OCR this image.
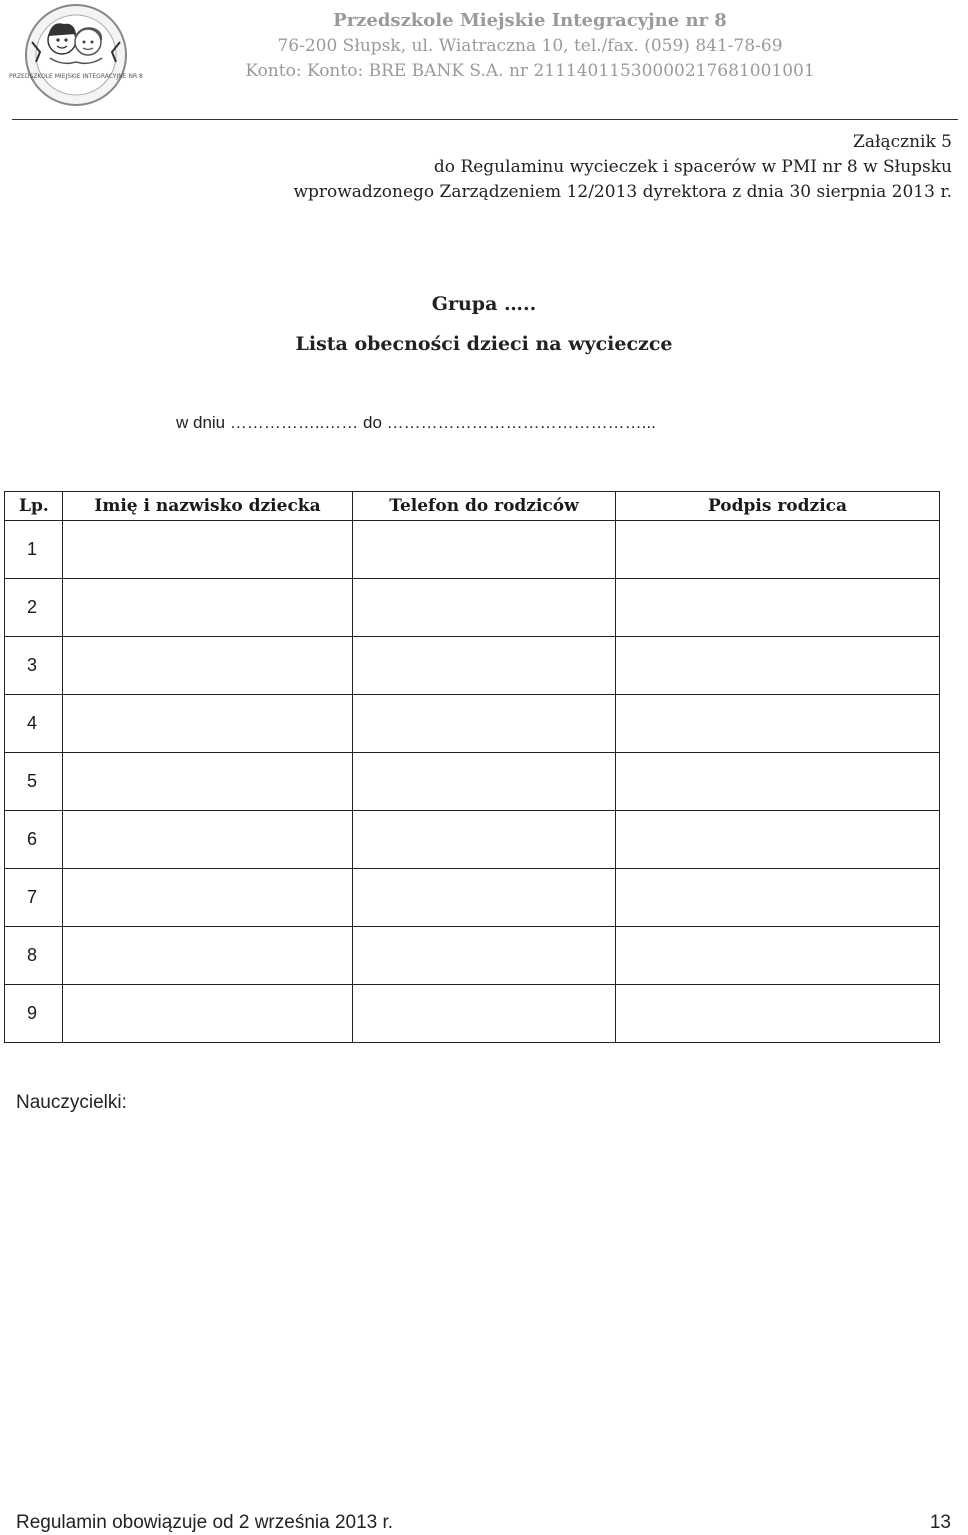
PRZEDSZKOLE MIEJSKIE INTEGRACYJNE NR 8
Przedszkole Miejskie Integracyjne nr 8
76-200 Słupsk, ul. Wiatraczna 10, tel./fax. (059) 841-78-69
Konto: Konto: BRE BANK S.A. nr 21114011530000217681001001
Załącznik 5
do Regulaminu wycieczek i spacerów w PMI nr 8 w Słupsku
wprowadzonego Zarządzeniem 12/2013 dyrektora z dnia 30 sierpnia 2013 r.
Grupa …..
Lista obecności dzieci na wycieczce
w dniu ……………..…… do ………………………………………...
Lp.	Imię i nazwisko dziecka	Telefon do rodziców	Podpis rodzica
1			
2			
3			
4			
5			
6			
7			
8			
9			
Nauczycielki:
Regulamin obowiązuje od 2 września 2013 r.	13
